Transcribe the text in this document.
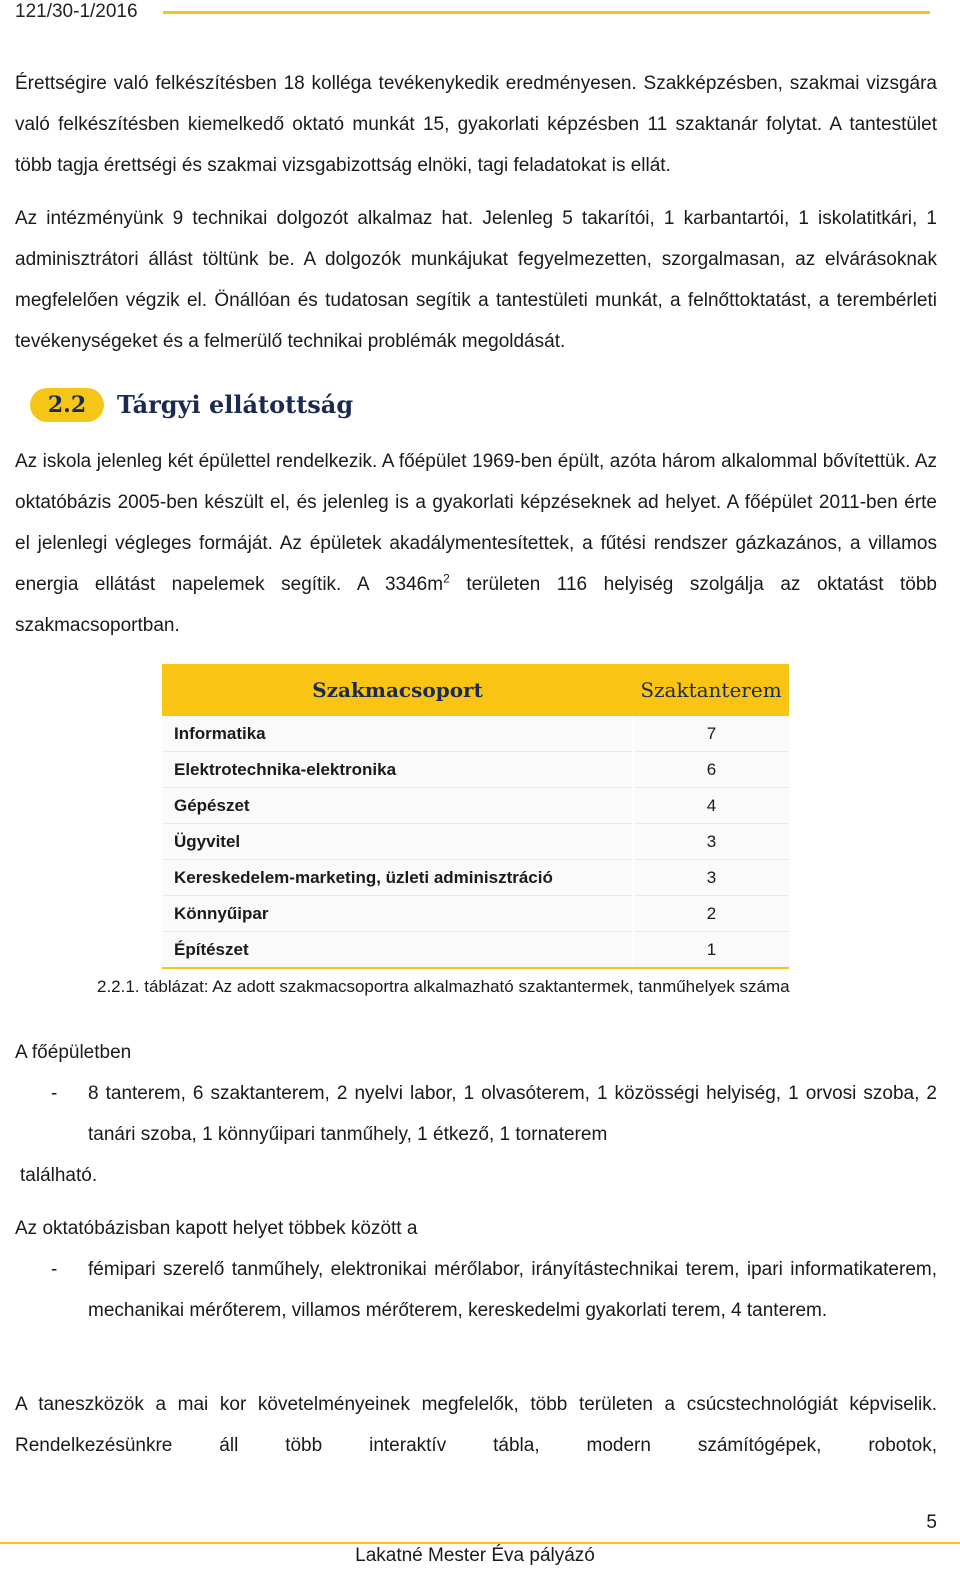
121/30-1/2016

Érettségire való felkészítésben 18 kolléga tevékenykedik eredményesen. Szakképzésben, szakmai vizsgára való felkészítésben kiemelkedő oktató munkát 15, gyakorlati képzésben 11 szaktanár folytat. A tantestület több tagja érettségi és szakmai vizsgabizottság elnöki, tagi feladatokat is ellát.

Az intézményünk 9 technikai dolgozót alkalmaz hat. Jelenleg 5 takarítói, 1 karbantartói, 1 iskolatitkári, 1 adminisztrátori állást töltünk be. A dolgozók munkájukat fegyelmezetten, szorgalmasan, az elvárásoknak megfelelően végzik el. Önállóan és tudatosan segítik a tantestületi munkát, a felnőttoktatást, a terembérleti tevékenységeket és a felmerülő technikai problémák megoldását.

2.2	Tárgyi ellátottság

Az iskola jelenleg két épülettel rendelkezik. A főépület 1969-ben épült, azóta három alkalommal bővítettük. Az oktatóbázis 2005-ben készült el, és jelenleg is a gyakorlati képzéseknek ad helyet. A főépület 2011-ben érte el jelenlegi végleges formáját. Az épületek akadálymentesítettek, a fűtési rendszer gázkazános, a villamos energia ellátást napelemek segítik. A $3346m^2$ területen 116 helyiség szolgálja az oktatást több szakmacsoportban.

Szakmacsoport	Szaktanterem
Informatika	7
Elektrotechnika-elektronika	6
Gépészet	4
Ügyvitel	3
Kereskedelem-marketing, üzleti adminisztráció	3
Könnyűipar	2
Építészet	1
2.2.1. táblázat: Az adott szakmacsoportra alkalmazható szaktantermek, tanműhelyek száma

A főépületben

- 8 tanterem, 6 szaktanterem, 2 nyelvi labor, 1 olvasóterem, 1 közösségi helyiség, 1 orvosi szoba, 2 tanári szoba, 1 könnyűipari tanműhely, 1 étkező, 1 tornaterem

található.

Az oktatóbázisban kapott helyet többek között a

- fémipari szerelő tanműhely, elektronikai mérőlabor, irányítástechnikai terem, ipari informatikaterem, mechanikai mérőterem, villamos mérőterem, kereskedelmi gyakorlati terem, 4 tanterem.

A taneszközök a mai kor követelményeinek megfelelők, több területen a csúcstechnológiát képviselik. Rendelkezésünkre áll több interaktív tábla, modern számítógépek, robotok,

5
Lakatné Mester Éva pályázó
